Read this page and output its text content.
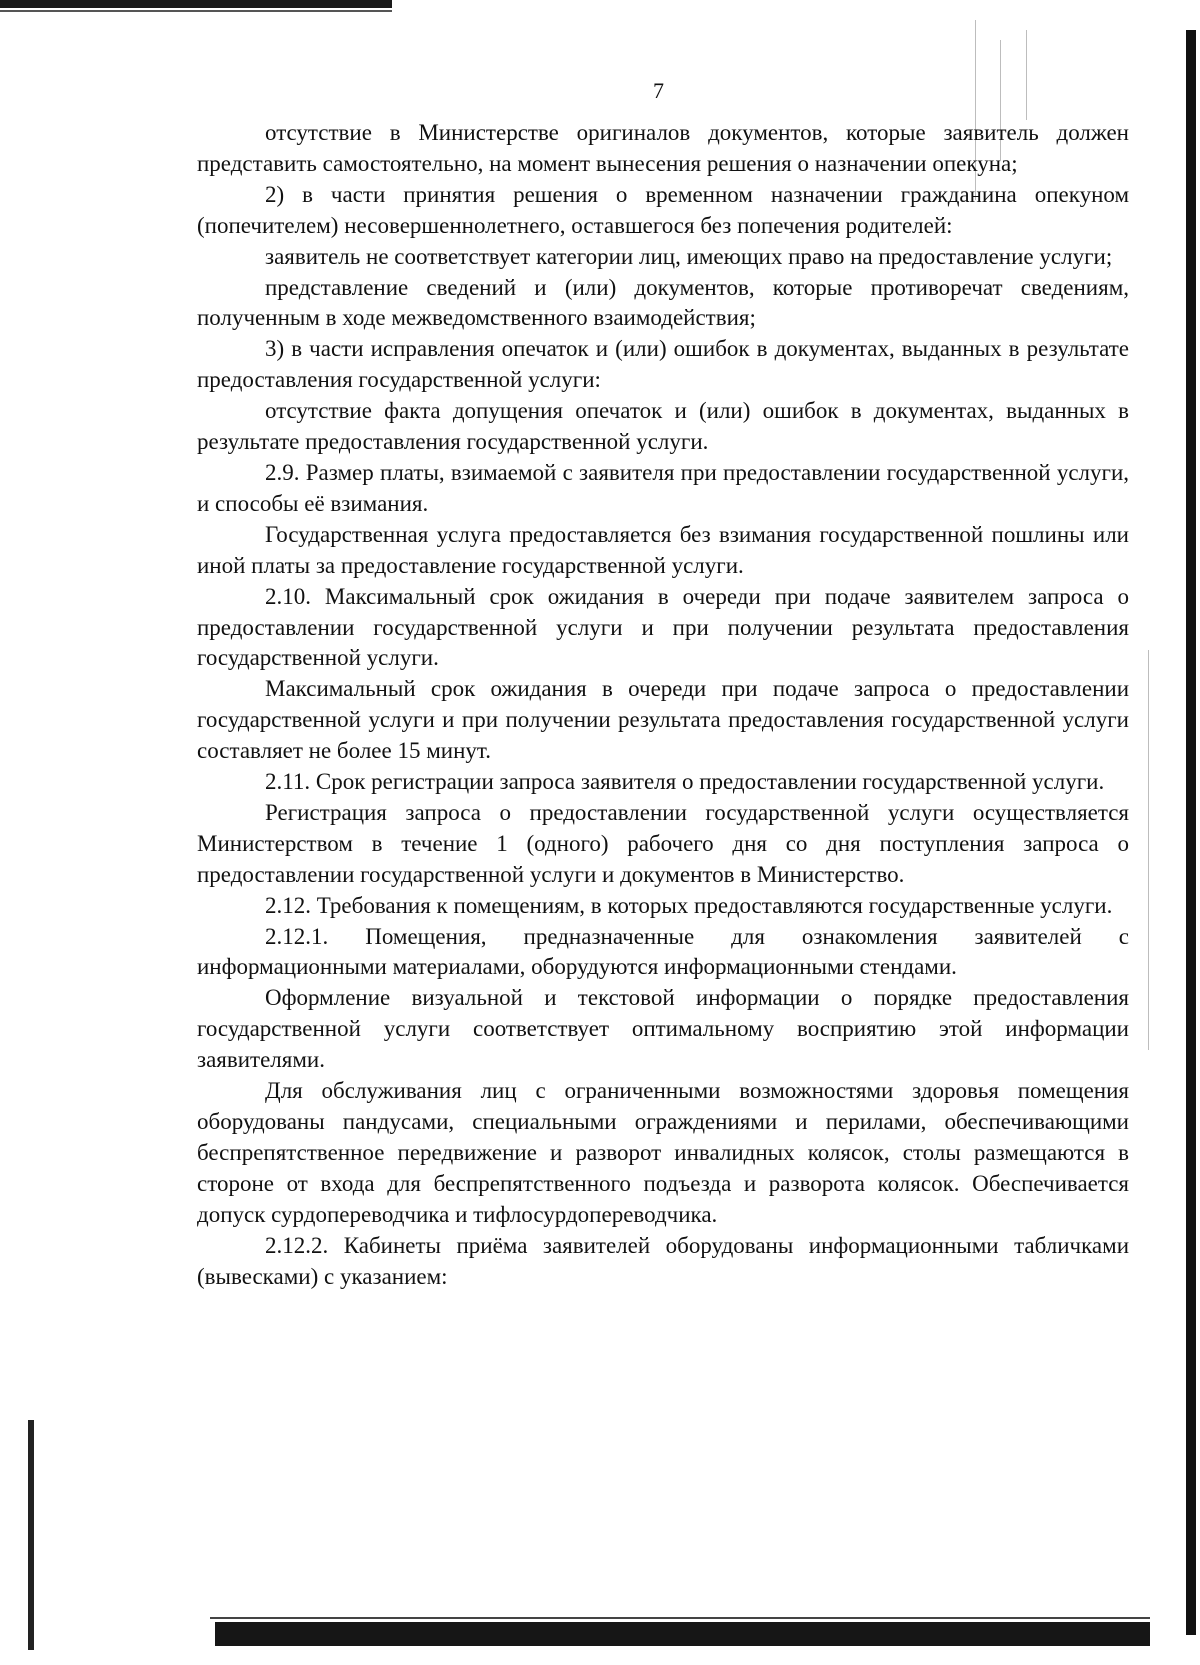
7

отсутствие в Министерстве оригиналов документов, которые заявитель должен представить самостоятельно, на момент вынесения решения о назначении опекуна;

2) в части принятия решения о временном назначении гражданина опекуном (попечителем) несовершеннолетнего, оставшегося без попечения родителей:

заявитель не соответствует категории лиц, имеющих право на предоставление услуги;

представление сведений и (или) документов, которые противоречат сведениям, полученным в ходе межведомственного взаимодействия;

3) в части исправления опечаток и (или) ошибок в документах, выданных в результате предоставления государственной услуги:

отсутствие факта допущения опечаток и (или) ошибок в документах, выданных в результате предоставления государственной услуги.

2.9. Размер платы, взимаемой с заявителя при предоставлении государственной услуги, и способы её взимания.

Государственная услуга предоставляется без взимания государственной пошлины или иной платы за предоставление государственной услуги.

2.10. Максимальный срок ожидания в очереди при подаче заявителем запроса о предоставлении государственной услуги и при получении результата предоставления государственной услуги.

Максимальный срок ожидания в очереди при подаче запроса о предоставлении государственной услуги и при получении результата предоставления государственной услуги составляет не более 15 минут.

2.11. Срок регистрации запроса заявителя о предоставлении государственной услуги.

Регистрация запроса о предоставлении государственной услуги осуществляется Министерством в течение 1 (одного) рабочего дня со дня поступления запроса о предоставлении государственной услуги и документов в Министерство.

2.12. Требования к помещениям, в которых предоставляются государственные услуги.

2.12.1. Помещения, предназначенные для ознакомления заявителей с информационными материалами, оборудуются информационными стендами.

Оформление визуальной и текстовой информации о порядке предоставления государственной услуги соответствует оптимальному восприятию этой информации заявителями.

Для обслуживания лиц с ограниченными возможностями здоровья помещения оборудованы пандусами, специальными ограждениями и перилами, обеспечивающими беспрепятственное передвижение и разворот инвалидных колясок, столы размещаются в стороне от входа для беспрепятственного подъезда и разворота колясок. Обеспечивается допуск сурдопереводчика и тифлосурдопереводчика.

2.12.2. Кабинеты приёма заявителей оборудованы информационными табличками (вывесками) с указанием:
